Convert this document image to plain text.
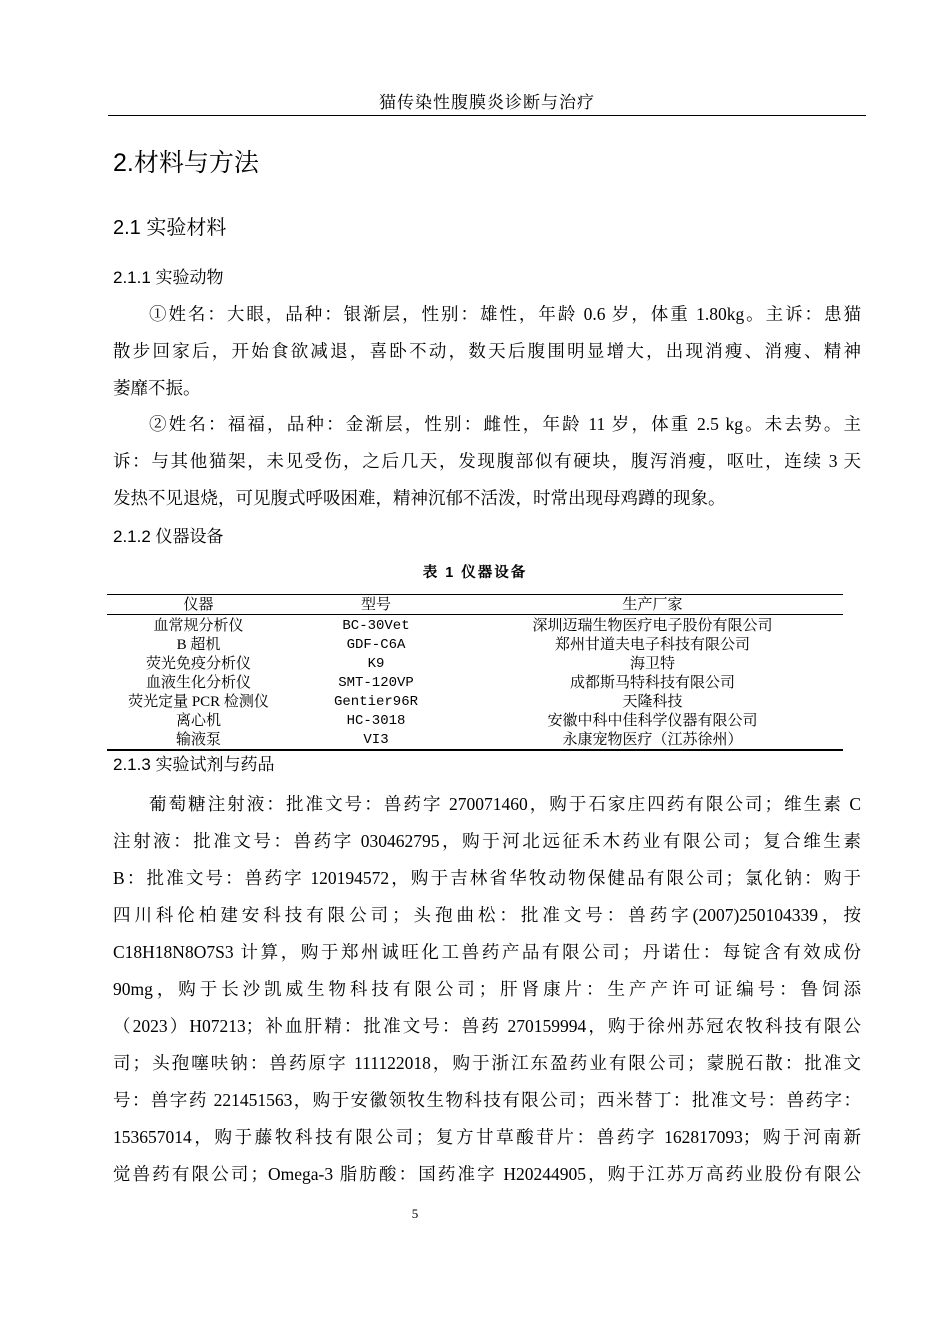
猫传染性腹膜炎诊断与治疗
2.材料与方法
2.1 实验材料
2.1.1 实验动物
①姓名：大眼，品种：银渐层，性别：雄性，年龄 0.6 岁，体重 1.80kg。主诉：患猫
散步回家后，开始食欲减退，喜卧不动，数天后腹围明显增大，出现消瘦、消瘦、精神
萎靡不振。
②姓名：福福，品种：金渐层，性别：雌性，年龄 11 岁，体重 2.5 kg。未去势。主
诉：与其他猫架，未见受伤，之后几天，发现腹部似有硬块，腹泻消瘦，呕吐，连续 3 天
发热不见退烧，可见腹式呼吸困难，精神沉郁不活泼，时常出现母鸡蹲的现象。
2.1.2 仪器设备
表 1 仪器设备
仪器	型号	生产厂家
血常规分析仪	BC-30Vet	深圳迈瑞生物医疗电子股份有限公司
B 超机	GDF-C6A	郑州甘道夫电子科技有限公司
荧光免疫分析仪	K9	海卫特
血液生化分析仪	SMT-120VP	成都斯马特科技有限公司
荧光定量 PCR 检测仪	Gentier96R	天隆科技
离心机	HC-3018	安徽中科中佳科学仪器有限公司
输液泵	VI3	永康宠物医疗（江苏徐州）
2.1.3 实验试剂与药品
葡萄糖注射液：批准文号：兽药字 270071460，购于石家庄四药有限公司；维生素 C
注射液：批准文号：兽药字 030462795，购于河北远征禾木药业有限公司；复合维生素
B：批准文号：兽药字 120194572，购于吉林省华牧动物保健品有限公司；氯化钠：购于
四川科伦柏建安科技有限公司；头孢曲松：批准文号：兽药字(2007)250104339，按
C18H18N8O7S3 计算，购于郑州诚旺化工兽药产品有限公司；丹诺仕：每锭含有效成份
90mg，购于长沙凯威生物科技有限公司；肝肾康片：生产产许可证编号：鲁饲添
（2023）H07213；补血肝精：批准文号：兽药 270159994，购于徐州苏冠农牧科技有限公
司；头孢噻呋钠：兽药原字 111122018，购于浙江东盈药业有限公司；蒙脱石散：批准文
号：兽字药 221451563，购于安徽领牧生物科技有限公司；西米替丁：批准文号：兽药字：
153657014，购于藤牧科技有限公司；复方甘草酸苷片：兽药字 162817093；购于河南新
觉兽药有限公司；Omega-3 脂肪酸：国药准字 H20244905，购于江苏万高药业股份有限公
5
